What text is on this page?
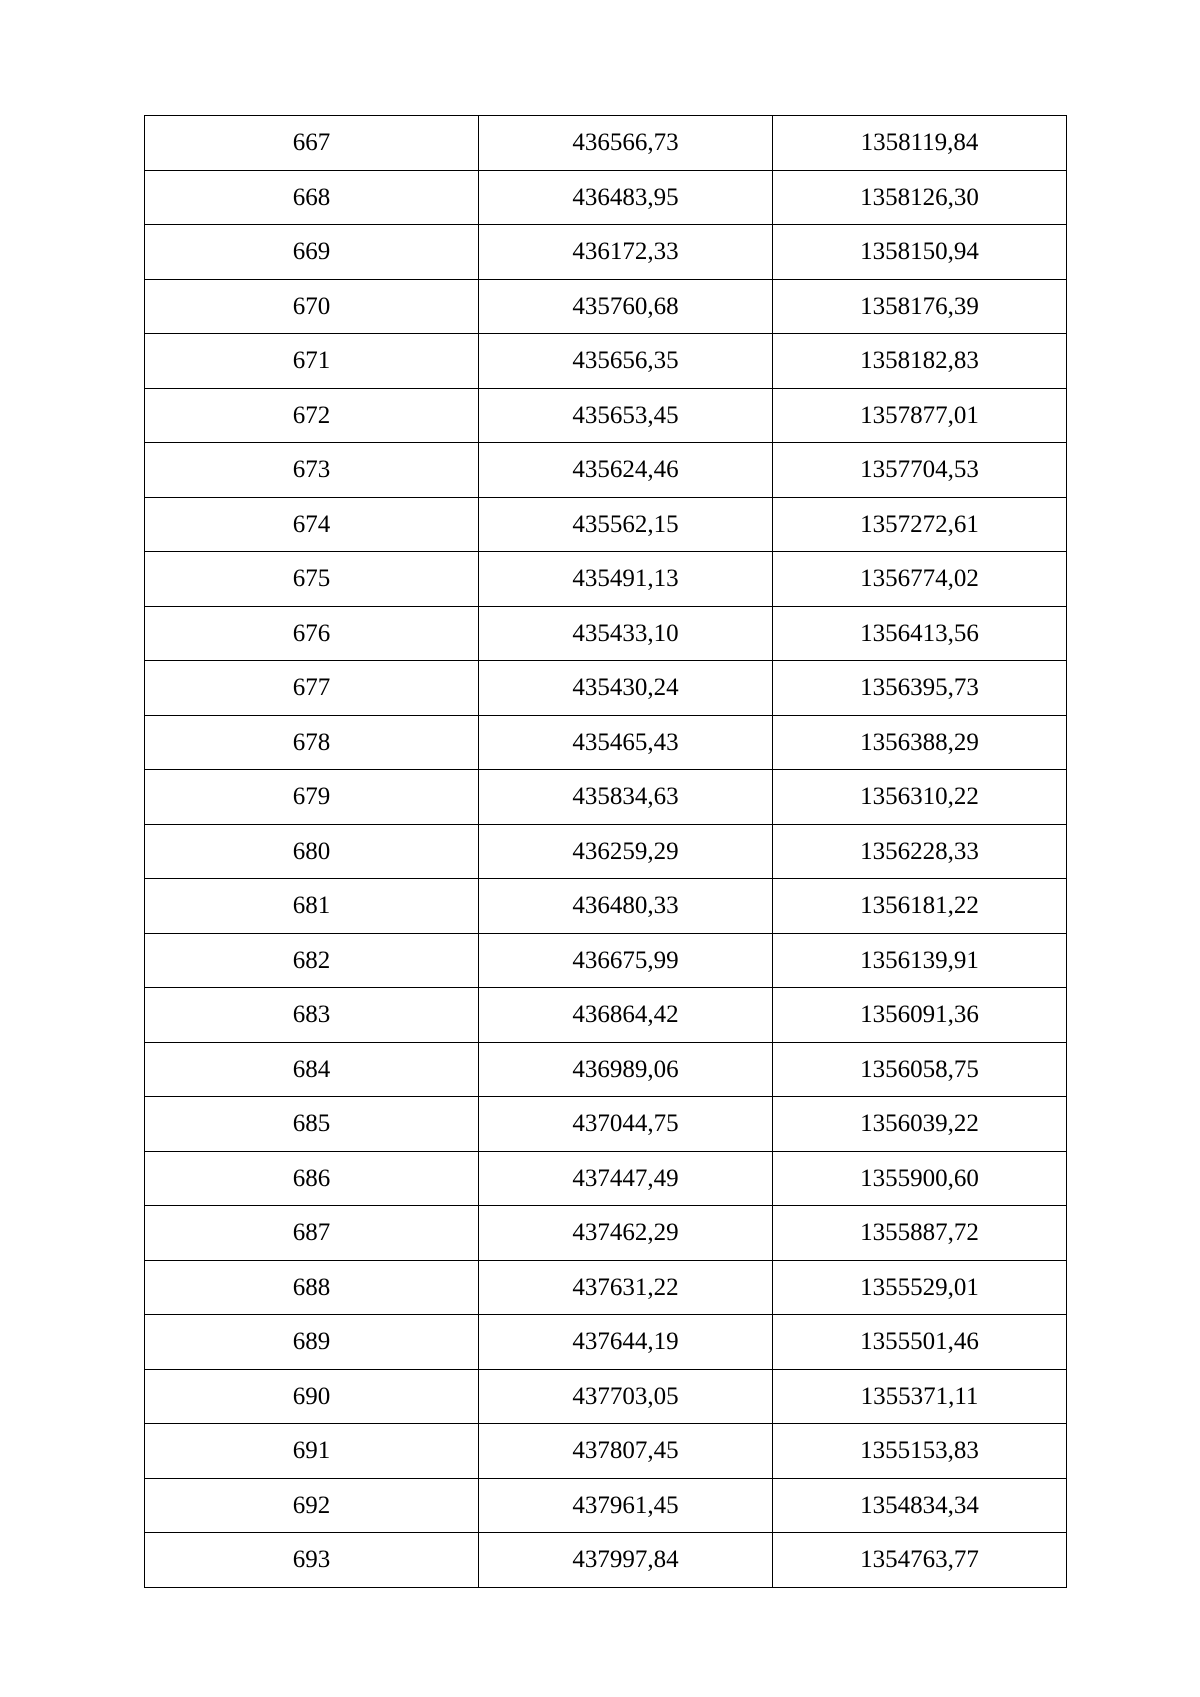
667	436566,73	1358119,84
668	436483,95	1358126,30
669	436172,33	1358150,94
670	435760,68	1358176,39
671	435656,35	1358182,83
672	435653,45	1357877,01
673	435624,46	1357704,53
674	435562,15	1357272,61
675	435491,13	1356774,02
676	435433,10	1356413,56
677	435430,24	1356395,73
678	435465,43	1356388,29
679	435834,63	1356310,22
680	436259,29	1356228,33
681	436480,33	1356181,22
682	436675,99	1356139,91
683	436864,42	1356091,36
684	436989,06	1356058,75
685	437044,75	1356039,22
686	437447,49	1355900,60
687	437462,29	1355887,72
688	437631,22	1355529,01
689	437644,19	1355501,46
690	437703,05	1355371,11
691	437807,45	1355153,83
692	437961,45	1354834,34
693	437997,84	1354763,77
